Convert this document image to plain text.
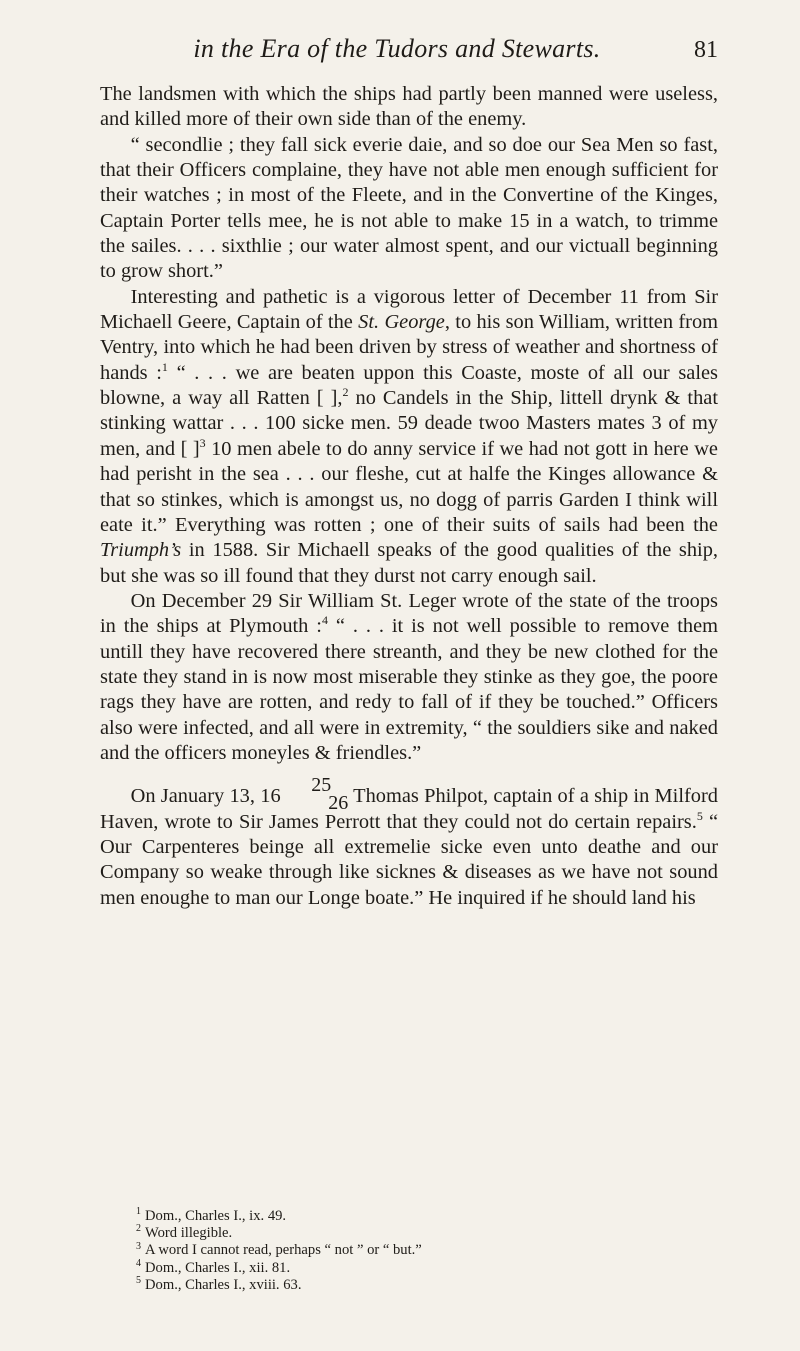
in the Era of the Tudors and Stewarts.	81

The landsmen with which the ships had partly been manned were useless, and killed more of their own side than of the enemy.

“ secondlie ; they fall sick everie daie, and so doe our Sea Men so fast, that their Officers complaine, they have not able men enough sufficient for their watches ; in most of the Fleete, and in the Convertine of the Kinges, Captain Porter tells mee, he is not able to make 15 in a watch, to trimme the sailes. . . . sixthlie ; our water almost spent, and our victuall beginning to grow short.”

Interesting and pathetic is a vigorous letter of December 11 from Sir Michaell Geere, Captain of the St. George, to his son William, written from Ventry, into which he had been driven by stress of weather and shortness of hands :$^1$ “ . . . we are beaten uppon this Coaste, moste of all our sales blowne, a way all Ratten [ ],$^2$ no Candels in the Ship, littell drynk & that stinking wattar . . . 100 sicke men. 59 deade twoo Masters mates 3 of my men, and [ ]$^3$ 10 men abele to do anny service if we had not gott in here we had perisht in the sea . . . our fleshe, cut at halfe the Kinges allowance & that so stinkes, which is amongst us, no dogg of parris Garden I think will eate it.” Everything was rotten ; one of their suits of sails had been the Triumph’s in 1588. Sir Michaell speaks of the good qualities of the ship, but she was so ill found that they durst not carry enough sail.

On December 29 Sir William St. Leger wrote of the state of the troops in the ships at Plymouth :$^4$ “ . . . it is not well possible to remove them untill they have recovered there streanth, and they be new clothed for the state they stand in is now most miserable they stinke as they goe, the poore rags they have are rotten, and redy to fall of if they be touched.” Officers also were infected, and all were in extremity, “ the souldiers sike and naked and the officers moneyles & friendles.”

On January 13, 16 2526 Thomas Philpot, captain of a ship in Milford Haven, wrote to Sir James Perrott that they could not do certain repairs.$^5$ “ Our Carpenteres beinge all extremelie sicke even unto deathe and our Company so weake through like sicknes & diseases as we have not sound men enoughe to man our Longe boate.” He inquired if he should land his

$^1$ Dom., Charles I., ix. 49.
$^2$ Word illegible.
$^3$ A word I cannot read, perhaps “ not ” or “ but.”
$^4$ Dom., Charles I., xii. 81.
$^5$ Dom., Charles I., xviii. 63.
